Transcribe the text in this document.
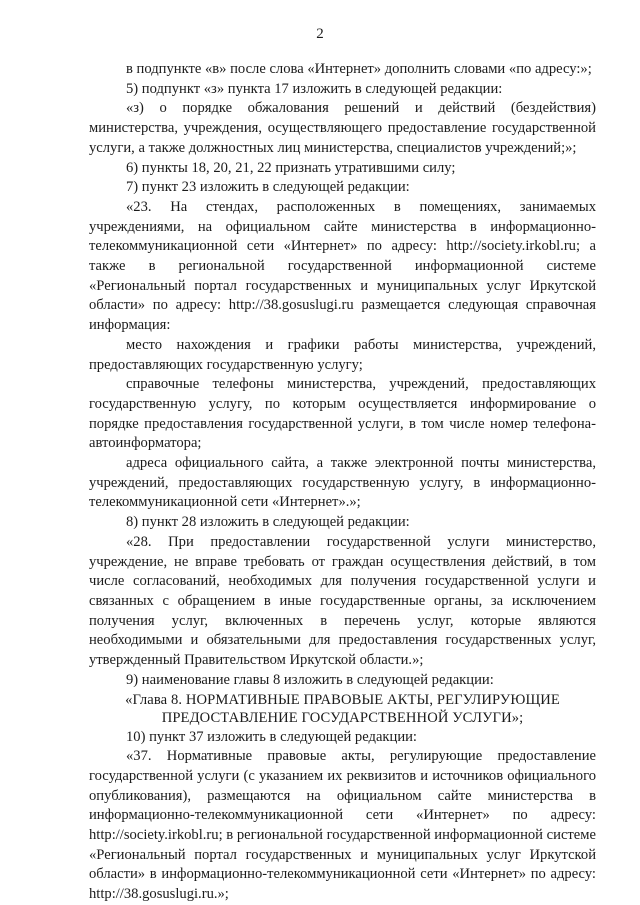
2

в подпункте «в» после слова «Интернет» дополнить словами «по адресу:»;

5) подпункт «з» пункта 17 изложить в следующей редакции:

«з) о порядке обжалования решений и действий (бездействия) министерства, учреждения, осуществляющего предоставление государственной услуги, а также должностных лиц министерства, специалистов учреждений;»;

6) пункты 18, 20, 21, 22 признать утратившими силу;

7) пункт 23 изложить в следующей редакции:

«23. На стендах, расположенных в помещениях, занимаемых учреждениями, на официальном сайте министерства в информационно-телекоммуникационной сети «Интернет» по адресу: http://society.irkobl.ru; а также в региональной государственной информационной системе «Региональный портал государственных и муниципальных услуг Иркутской области» по адресу: http://38.gosuslugi.ru размещается следующая справочная информация:

место нахождения и графики работы министерства, учреждений, предоставляющих государственную услугу;

справочные телефоны министерства, учреждений, предоставляющих государственную услугу, по которым осуществляется информирование о порядке предоставления государственной услуги, в том числе номер телефона-автоинформатора;

адреса официального сайта, а также электронной почты министерства, учреждений, предоставляющих государственную услугу, в информационно-телекоммуникационной сети «Интернет».»;

8) пункт 28 изложить в следующей редакции:

«28. При предоставлении государственной услуги министерство, учреждение, не вправе требовать от граждан осуществления действий, в том числе согласований, необходимых для получения государственной услуги и связанных с обращением в иные государственные органы, за исключением получения услуг, включенных в перечень услуг, которые являются необходимыми и обязательными для предоставления государственных услуг, утвержденный Правительством Иркутской области.»;

9) наименование главы 8 изложить в следующей редакции:

«Глава 8. НОРМАТИВНЫЕ ПРАВОВЫЕ АКТЫ, РЕГУЛИРУЮЩИЕ ПРЕДОСТАВЛЕНИЕ ГОСУДАРСТВЕННОЙ УСЛУГИ»;

10) пункт 37 изложить в следующей редакции:

«37. Нормативные правовые акты, регулирующие предоставление государственной услуги (с указанием их реквизитов и источников официального опубликования), размещаются на официальном сайте министерства в информационно-телекоммуникационной сети «Интернет» по адресу: http://society.irkobl.ru; в региональной государственной информационной системе «Региональный портал государственных и муниципальных услуг Иркутской области» в информационно-телекоммуникационной сети «Интернет» по адресу: http://38.gosuslugi.ru.»;
